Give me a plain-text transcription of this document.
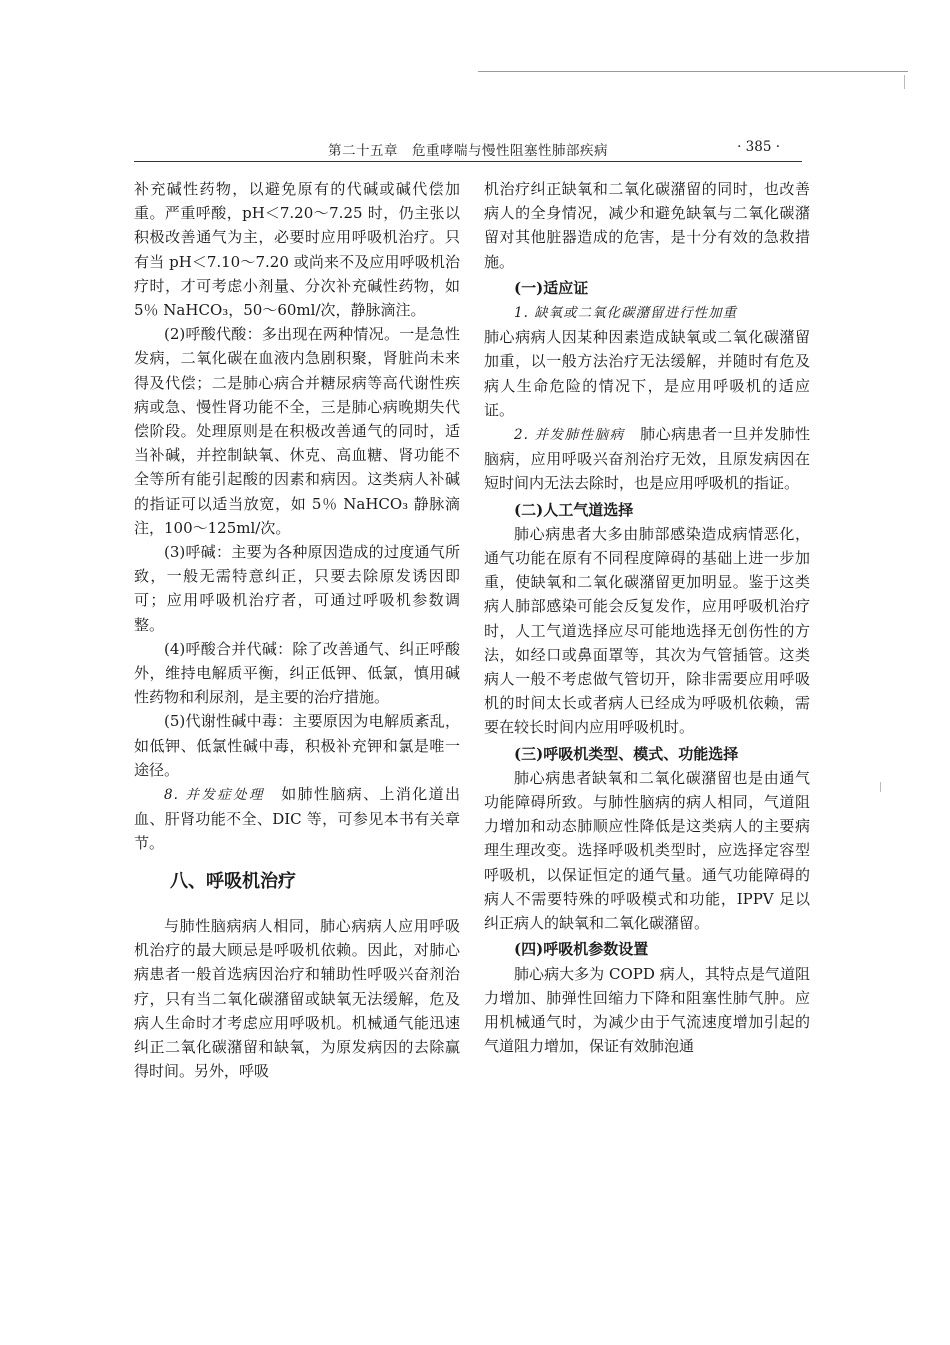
第二十五章　危重哮喘与慢性阻塞性肺部疾病	· 385 ·

补充碱性药物，以避免原有的代碱或碱代偿加重。严重呼酸，pH＜7.20～7.25 时，仍主张以积极改善通气为主，必要时应用呼吸机治疗。只有当 pH＜7.10～7.20 或尚来不及应用呼吸机治疗时，才可考虑小剂量、分次补充碱性药物，如 5％ NaHCO₃，50～60ml/次，静脉滴注。

(2)呼酸代酸：多出现在两种情况。一是急性发病，二氧化碳在血液内急剧积聚，肾脏尚未来得及代偿；二是肺心病合并糖尿病等高代谢性疾病或急、慢性肾功能不全，三是肺心病晚期失代偿阶段。处理原则是在积极改善通气的同时，适当补碱，并控制缺氧、休克、高血糖、肾功能不全等所有能引起酸的因素和病因。这类病人补碱的指证可以适当放宽，如 5％ NaHCO₃ 静脉滴注，100～125ml/次。

(3)呼碱：主要为各种原因造成的过度通气所致，一般无需特意纠正，只要去除原发诱因即可；应用呼吸机治疗者，可通过呼吸机参数调整。

(4)呼酸合并代碱：除了改善通气、纠正呼酸外，维持电解质平衡，纠正低钾、低氯，慎用碱性药物和利尿剂，是主要的治疗措施。

(5)代谢性碱中毒：主要原因为电解质紊乱，如低钾、低氯性碱中毒，积极补充钾和氯是唯一途径。

8. 并发症处理　 如肺性脑病、上消化道出血、肝肾功能不全、DIC 等，可参见本书有关章节。

八、呼吸机治疗

与肺性脑病病人相同，肺心病病人应用呼吸机治疗的最大顾忌是呼吸机依赖。因此，对肺心病患者一般首选病因治疗和辅助性呼吸兴奋剂治疗，只有当二氧化碳潴留或缺氧无法缓解，危及病人生命时才考虑应用呼吸机。机械通气能迅速纠正二氧化碳潴留和缺氧，为原发病因的去除赢得时间。另外，呼吸

机治疗纠正缺氧和二氧化碳潴留的同时，也改善病人的全身情况，减少和避免缺氧与二氧化碳潴留对其他脏器造成的危害，是十分有效的急救措施。

(一)适应证

1. 缺氧或二氧化碳潴留进行性加重
肺心病病人因某种因素造成缺氧或二氧化碳潴留加重，以一般方法治疗无法缓解，并随时有危及病人生命危险的情况下，是应用呼吸机的适应证。

2. 并发肺性脑病　 肺心病患者一旦并发肺性脑病，应用呼吸兴奋剂治疗无效，且原发病因在短时间内无法去除时，也是应用呼吸机的指证。

(二)人工气道选择

肺心病患者大多由肺部感染造成病情恶化，通气功能在原有不同程度障碍的基础上进一步加重，使缺氧和二氧化碳潴留更加明显。鉴于这类病人肺部感染可能会反复发作，应用呼吸机治疗时，人工气道选择应尽可能地选择无创伤性的方法，如经口或鼻面罩等，其次为气管插管。这类病人一般不考虑做气管切开，除非需要应用呼吸机的时间太长或者病人已经成为呼吸机依赖，需要在较长时间内应用呼吸机时。

(三)呼吸机类型、模式、功能选择

肺心病患者缺氧和二氧化碳潴留也是由通气功能障碍所致。与肺性脑病的病人相同，气道阻力增加和动态肺顺应性降低是这类病人的主要病理生理改变。选择呼吸机类型时，应选择定容型呼吸机，以保证恒定的通气量。通气功能障碍的病人不需要特殊的呼吸模式和功能，IPPV 足以纠正病人的缺氧和二氧化碳潴留。

(四)呼吸机参数设置

肺心病大多为 COPD 病人，其特点是气道阻力增加、肺弹性回缩力下降和阻塞性肺气肿。应用机械通气时，为减少由于气流速度增加引起的气道阻力增加，保证有效肺泡通
